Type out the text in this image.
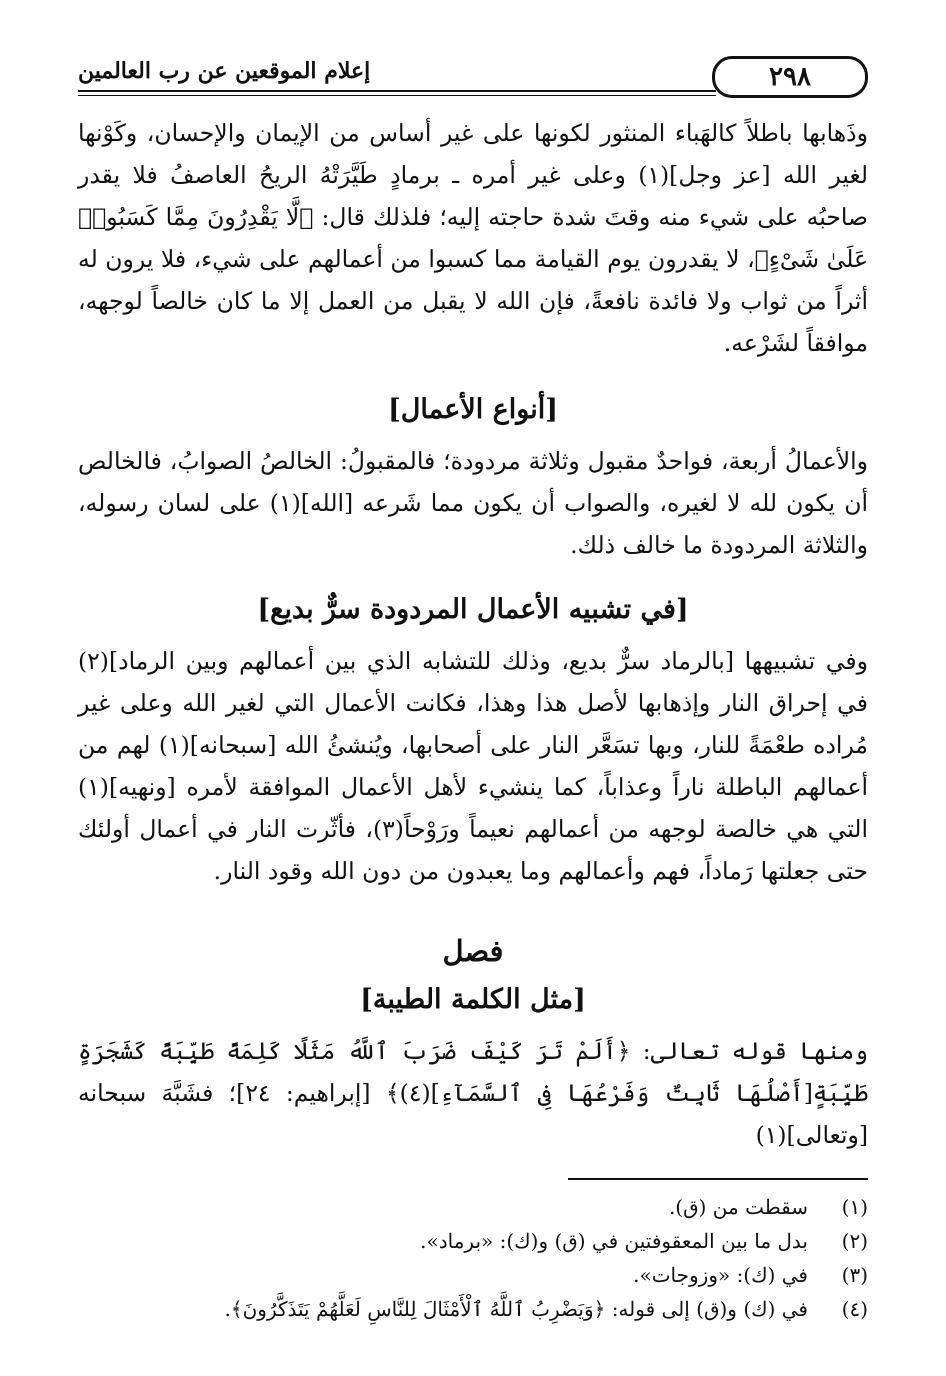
٢٩٨
إعلام الموقعين عن رب العالمين

وذَهابها باطلاً كالهَباء المنثور لكونها على غير أساس من الإيمان والإحسان، وكَوْنها لغير الله [عز وجل](١) وعلى غير أمره ـ برمادٍ طَيَّرَتْهُ الريحُ العاصفُ فلا يقدر صاحبُه على شيء منه وقتَ شدة حاجته إليه؛ فلذلك قال: ﴿لَّا يَقْدِرُونَ مِمَّا كَسَبُوا۟ عَلَىٰ شَىْءٍ﴾، لا يقدرون يوم القيامة مما كسبوا من أعمالهم على شيء، فلا يرون له أثراً من ثواب ولا فائدة نافعةً، فإن الله لا يقبل من العمل إلا ما كان خالصاً لوجهه، موافقاً لشَرْعه.

[أنواع الأعمال]

والأعمالُ أربعة، فواحدٌ مقبول وثلاثة مردودة؛ فالمقبولُ: الخالصُ الصوابُ، فالخالص أن يكون لله لا لغيره، والصواب أن يكون مما شَرعه [الله](١) على لسان رسوله، والثلاثة المردودة ما خالف ذلك.

[في تشبيه الأعمال المردودة سرٌّ بديع]

وفي تشبيهها [بالرماد سرٌّ بديع، وذلك للتشابه الذي بين أعمالهم وبين الرماد](٢) في إحراق النار وإذهابها لأصل هذا وهذا، فكانت الأعمال التي لغير الله وعلى غير مُراده طعْمَةً للنار، وبها تسَعَّر النار على أصحابها، ويُنشئُ الله [سبحانه](١) لهم من أعمالهم الباطلة ناراً وعذاباً، كما ينشيء لأهل الأعمال الموافقة لأمره [ونهيه](١) التي هي خالصة لوجهه من أعمالهم نعيماً ورَوْحاً(٣)، فأثّرت النار في أعمال أولئك حتى جعلتها رَماداً، فهم وأعمالهم وما يعبدون من دون الله وقود النار.

فصل
[مثل الكلمة الطيبة]

ومنها قوله تعالى: ﴿أَلَمْ تَرَ كَيْفَ ضَرَبَ ٱللَّهُ مَثَلًا كَلِمَةً طَيِّبَةً كَشَجَرَةٍ طَيِّبَةٍ[أَصْلُهَا ثَابِتٌ وَفَرْعُهَا فِى ٱلسَّمَآءِ](٤)﴾ [إبراهيم: ٢٤]؛ فشَبَّهَ سبحانه [وتعالى](١)

(١)
سقطت من (ق).
(٢)
بدل ما بين المعقوفتين في (ق) و(ك): «برماد».
(٣)
في (ك): «وزوجات».
(٤)
في (ك) و(ق) إلى قوله: ﴿وَيَضْرِبُ ٱللَّهُ ٱلْأَمْثَالَ لِلنَّاسِ لَعَلَّهُمْ يَتَذَكَّرُونَ﴾.
